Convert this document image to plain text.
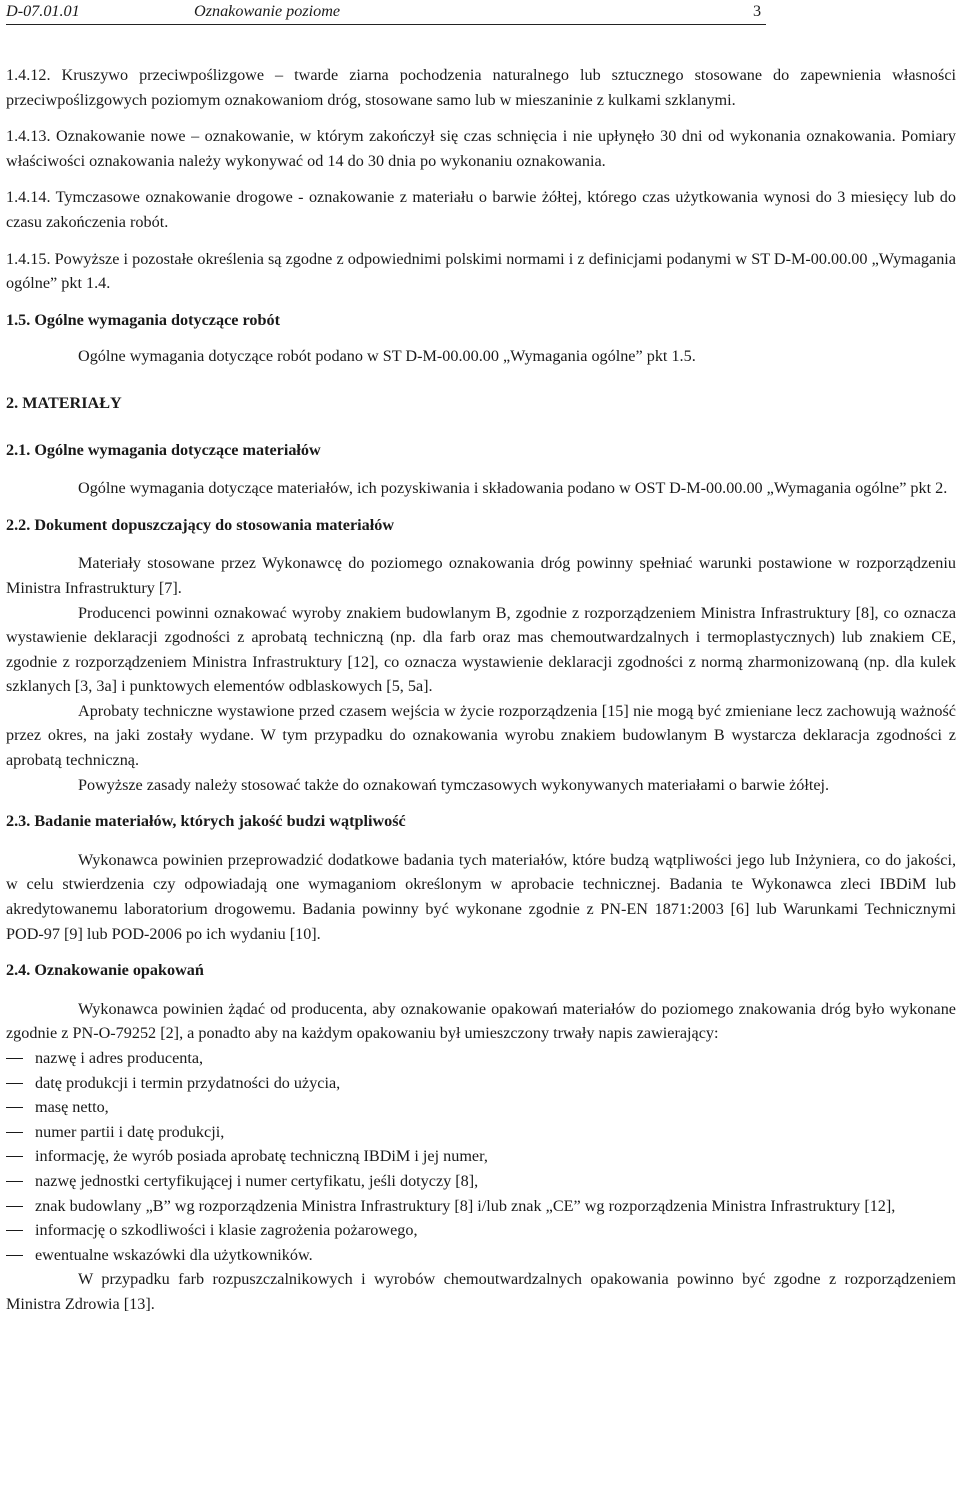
D-07.01.01	Oznakowanie poziome	3

1.4.12. Kruszywo przeciwpoślizgowe – twarde ziarna pochodzenia naturalnego lub sztucznego stosowane do zapewnienia własności przeciwpoślizgowych poziomym oznakowaniom dróg, stosowane samo lub w mieszaninie z kulkami szklanymi.

1.4.13. Oznakowanie nowe – oznakowanie, w którym zakończył się czas schnięcia i nie upłynęło 30 dni od wykonania oznakowania. Pomiary właściwości oznakowania należy wykonywać od 14 do 30 dnia po wykonaniu oznakowania.

1.4.14. Tymczasowe oznakowanie drogowe - oznakowanie z materiału o barwie żółtej, którego czas użytkowania wynosi do 3 miesięcy lub do czasu zakończenia robót.

1.4.15. Powyższe i pozostałe określenia są zgodne z odpowiednimi polskimi normami i z definicjami podanymi w ST D-M-00.00.00 „Wymagania ogólne” pkt 1.4.

1.5. Ogólne wymagania dotyczące robót

Ogólne wymagania dotyczące robót podano w ST D-M-00.00.00 „Wymagania ogólne” pkt 1.5.

2. MATERIAŁY

2.1. Ogólne wymagania dotyczące materiałów

Ogólne wymagania dotyczące materiałów, ich pozyskiwania i składowania podano w OST D-M-00.00.00 „Wymagania ogólne” pkt 2.

2.2. Dokument dopuszczający do stosowania materiałów

Materiały stosowane przez Wykonawcę do poziomego oznakowania dróg powinny spełniać warunki postawione w rozporządzeniu Ministra Infrastruktury [7].

Producenci powinni oznakować wyroby znakiem budowlanym B, zgodnie z rozporządzeniem Ministra Infrastruktury [8], co oznacza wystawienie deklaracji zgodności z aprobatą techniczną (np. dla farb oraz mas chemoutwardzalnych i termoplastycznych) lub znakiem CE, zgodnie z rozporządzeniem Ministra Infrastruktury [12], co oznacza wystawienie deklaracji zgodności z normą zharmonizowaną (np. dla kulek szklanych [3, 3a] i punktowych elementów odblaskowych [5, 5a].

Aprobaty techniczne wystawione przed czasem wejścia w życie rozporządzenia [15] nie mogą być zmieniane lecz zachowują ważność przez okres, na jaki zostały wydane. W tym przypadku do oznakowania wyrobu znakiem budowlanym B wystarcza deklaracja zgodności z aprobatą techniczną.

Powyższe zasady należy stosować także do oznakowań tymczasowych wykonywanych materiałami o barwie żółtej.

2.3. Badanie materiałów, których jakość budzi wątpliwość

Wykonawca powinien przeprowadzić dodatkowe badania tych materiałów, które budzą wątpliwości jego lub Inżyniera, co do jakości, w celu stwierdzenia czy odpowiadają one wymaganiom określonym w aprobacie technicznej. Badania te Wykonawca zleci IBDiM lub akredytowanemu laboratorium drogowemu. Badania powinny być wykonane zgodnie z PN-EN 1871:2003 [6] lub Warunkami Technicznymi POD-97 [9] lub POD-2006 po ich wydaniu [10].

2.4. Oznakowanie opakowań

Wykonawca powinien żądać od producenta, aby oznakowanie opakowań materiałów do poziomego znakowania dróg było wykonane zgodnie z PN-O-79252 [2], a ponadto aby na każdym opakowaniu był umieszczony trwały napis zawierający:

nazwę i adres producenta,
datę produkcji i termin przydatności do użycia,
masę netto,
numer partii i datę produkcji,
informację, że wyrób posiada aprobatę techniczną IBDiM i jej numer,
nazwę jednostki certyfikującej i numer certyfikatu, jeśli dotyczy [8],
znak budowlany „B” wg rozporządzenia Ministra Infrastruktury [8] i/lub znak „CE” wg rozporządzenia Ministra Infrastruktury [12],
informację o szkodliwości i klasie zagrożenia pożarowego,
ewentualne wskazówki dla użytkowników.

W przypadku farb rozpuszczalnikowych i wyrobów chemoutwardzalnych opakowania powinno być zgodne z rozporządzeniem Ministra Zdrowia [13].
